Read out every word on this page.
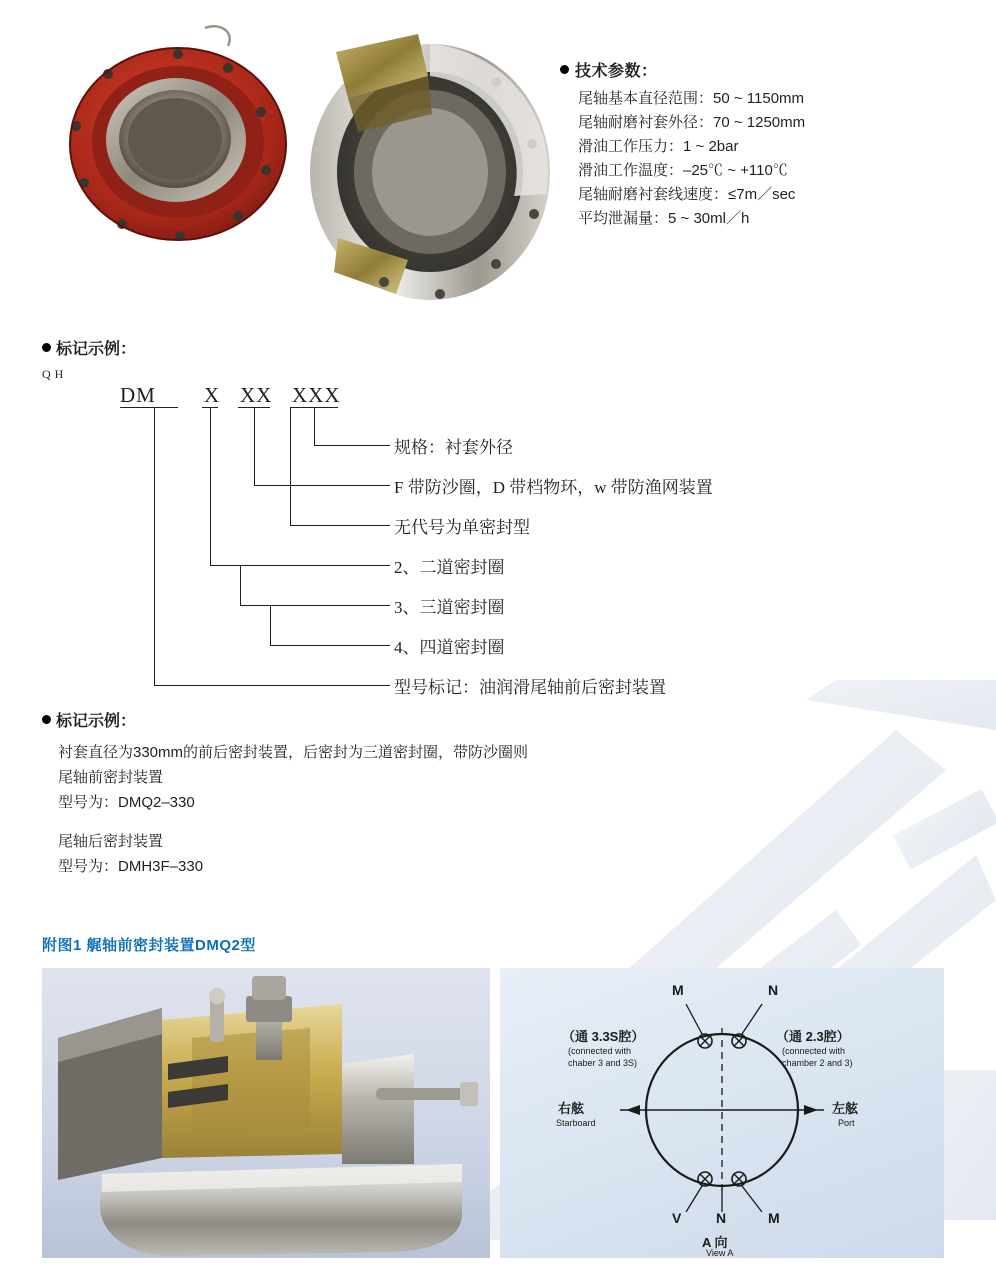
技术参数：
尾轴基本直径范围：50 ~ 1150mm
尾轴耐磨衬套外径：70 ~ 1250mm
滑油工作压力：1 ~ 2bar
滑油工作温度：–25℃ ~ +110℃
尾轴耐磨衬套线速度：≤7m／sec
平均泄漏量：5 ~ 30ml／h
标记示例：
DM
Q H
X XX XXX
规格：衬套外径
F 带防沙圈，D 带档物环，w 带防渔网装置
无代号为单密封型
2、二道密封圈
3、三道密封圈
4、四道密封圈
型号标记：油润滑尾轴前后密封装置
标记示例：
衬套直径为330mm的前后密封装置，后密封为三道密封圈，带防沙圈则
尾轴前密封装置
型号为：DMQ2–330
尾轴后密封装置
型号为：DMH3F–330
附图1 艉轴前密封装置DMQ2型
M	N
（通 3.3S腔）
(connected with
chaber 3 and 3S)
（通 2.3腔）
(connected with
chamber 2 and 3)
右舷
Starboard
左舷
Port
V N	M
A 向
View A
